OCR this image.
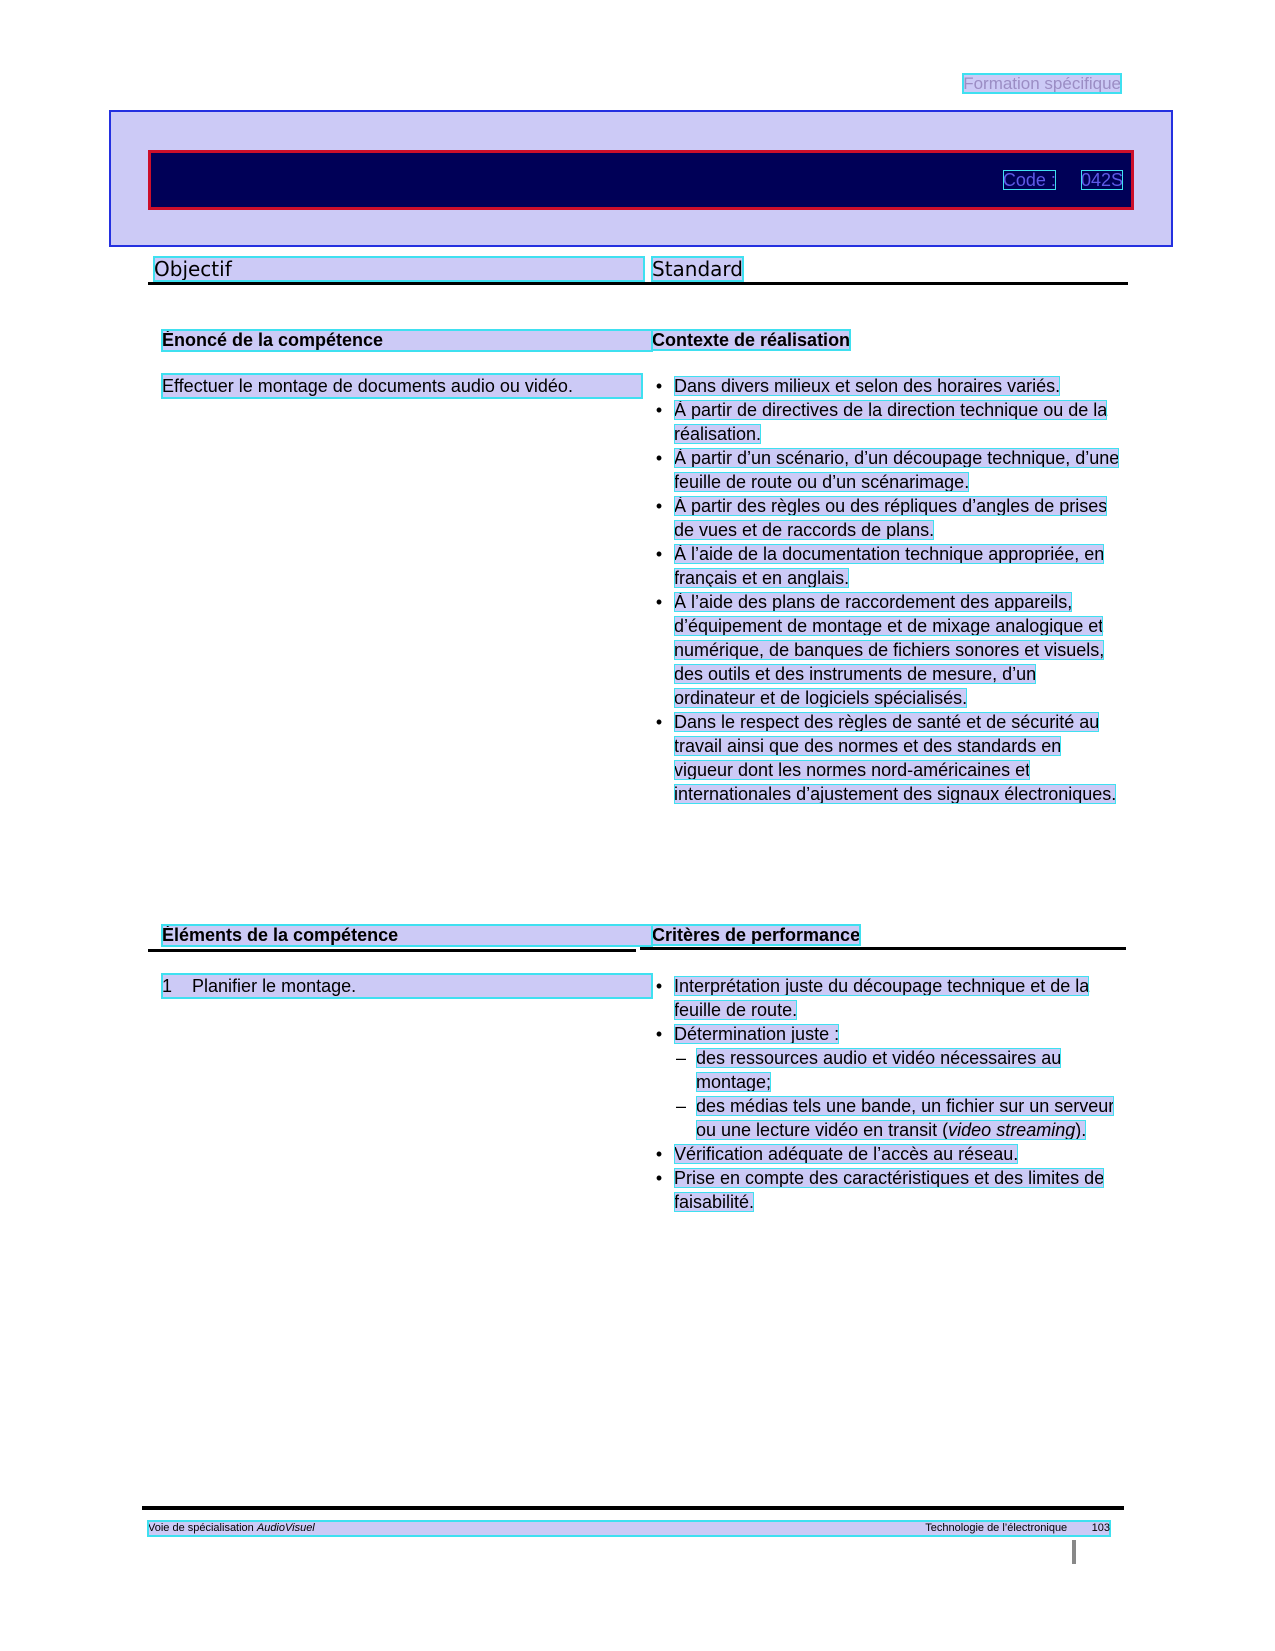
Formation spécifique
Code : 042S
Objectif	Standard
Énoncé de la compétence	Contexte de réalisation
Effectuer le montage de documents audio ou vidéo.	• Dans divers milieux et selon des horaires variés.
• À partir de directives de la direction technique ou de la réalisation.
• À partir d’un scénario, d’un découpage technique, d’une feuille de route ou d’un scénarimage.
• À partir des règles ou des répliques d’angles de prises de vues et de raccords de plans.
• À l’aide de la documentation technique appropriée, en français et en anglais.
• À l’aide des plans de raccordement des appareils, d’équipement de montage et de mixage analogique et numérique, de banques de fichiers sonores et visuels, des outils et des instruments de mesure, d’un ordinateur et de logiciels spécialisés.
• Dans le respect des règles de santé et de sécurité au travail ainsi que des normes et des standards en vigueur dont les normes nord-américaines et internationales d’ajustement des signaux électroniques.
Éléments de la compétence	Critères de performance
1 Planifier le montage.	• Interprétation juste du découpage technique et de la feuille de route.
• Détermination juste :
– des ressources audio et vidéo nécessaires au montage;
– des médias tels une bande, un fichier sur un serveur ou une lecture vidéo en transit (video streaming).
• Vérification adéquate de l’accès au réseau.
• Prise en compte des caractéristiques et des limites de faisabilité.
Voie de spécialisation AudioVisuel	Technologie de l’électronique 103
